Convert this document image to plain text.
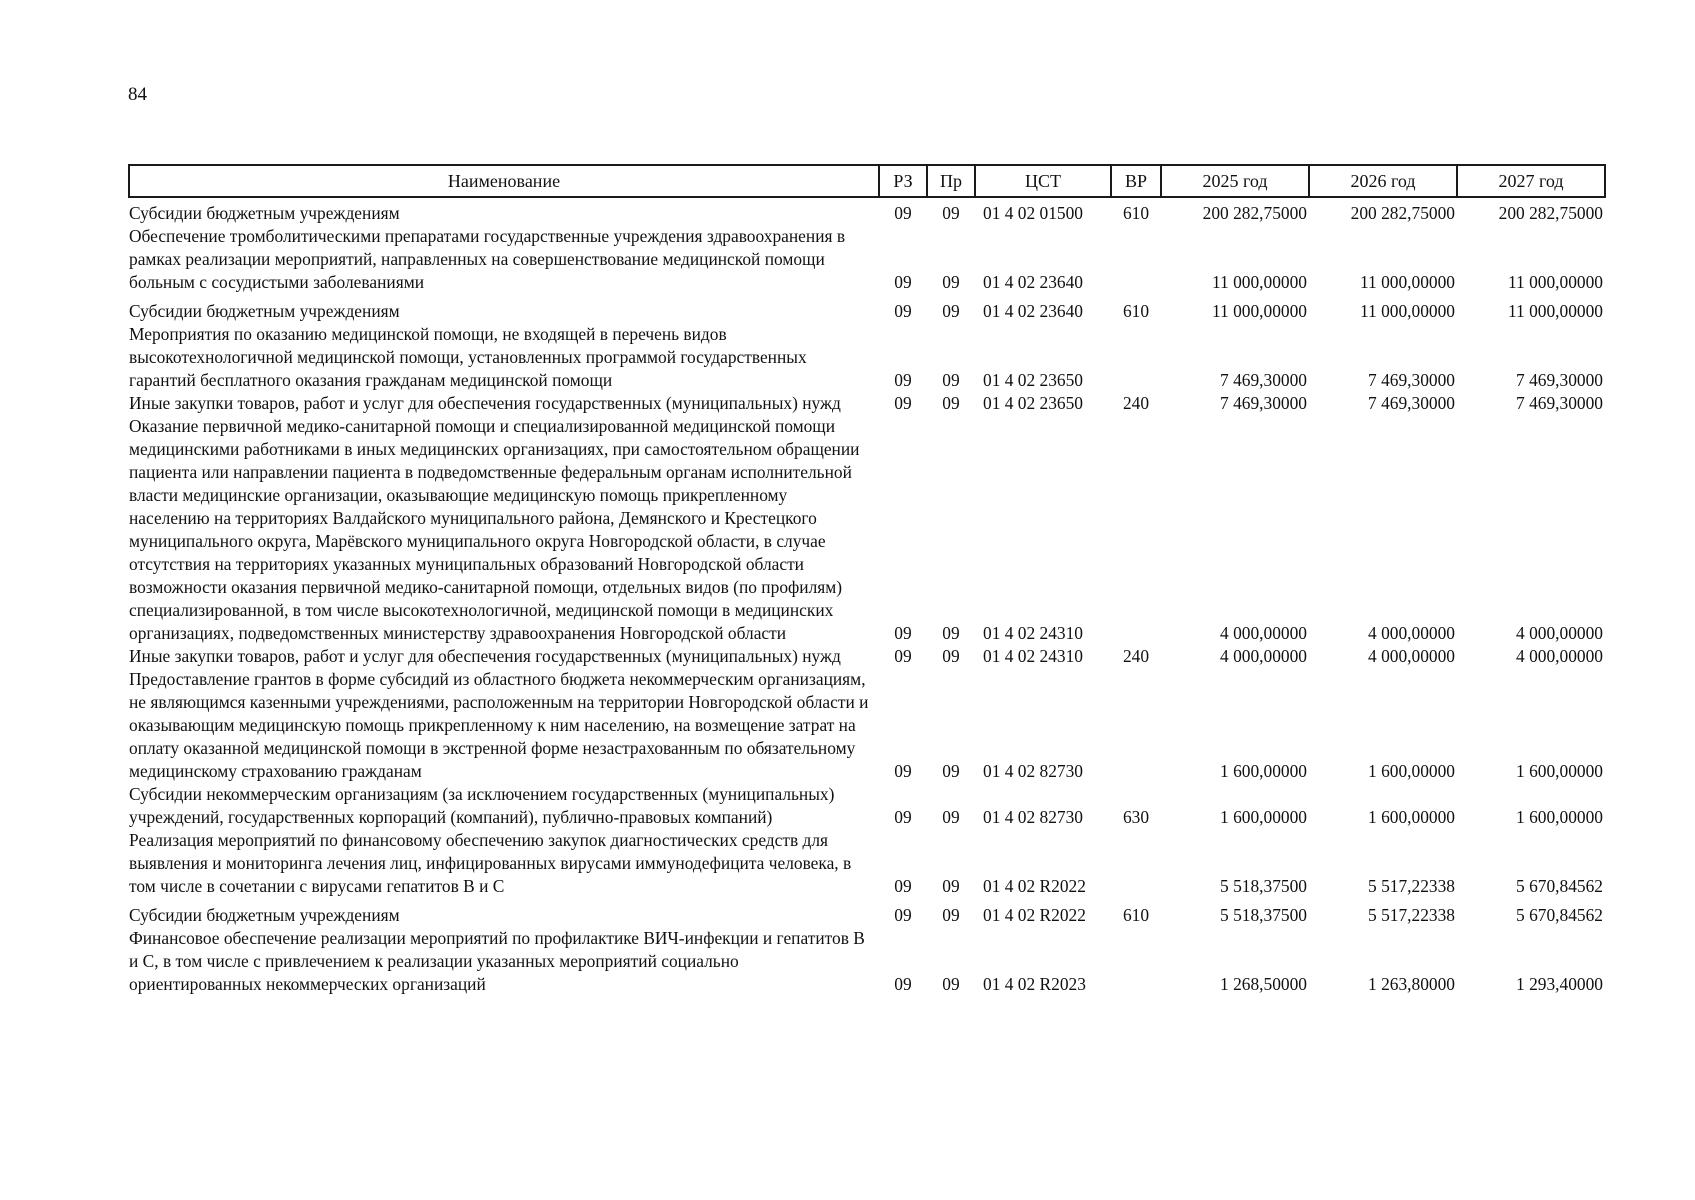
84
Наименование	РЗ	Пр	ЦСТ	ВР	2025 год	2026 год	2027 год
Субсидии бюджетным учреждениям	09	09	01 4 02 01500	610	200 282,75000	200 282,75000	200 282,75000
Обеспечение тромболитическими препаратами государственные учреждения здравоохранения в рамках реализации мероприятий, направленных на совершенствование медицинской помощи больным с сосудистыми заболеваниями	09	09	01 4 02 23640		11 000,00000	11 000,00000	11 000,00000
Субсидии бюджетным учреждениям	09	09	01 4 02 23640	610	11 000,00000	11 000,00000	11 000,00000
Мероприятия по оказанию медицинской помощи, не входящей в перечень видов высокотехнологичной медицинской помощи, установленных программой государственных гарантий бесплатного оказания гражданам медицинской помощи	09	09	01 4 02 23650		7 469,30000	7 469,30000	7 469,30000
Иные закупки товаров, работ и услуг для обеспечения государственных (муниципальных) нужд	09	09	01 4 02 23650	240	7 469,30000	7 469,30000	7 469,30000
Оказание первичной медико-санитарной помощи и специализированной медицинской помощи медицинскими работниками в иных медицинских организациях, при самостоятельном обращении пациента или направлении пациента в подведомственные федеральным органам исполнительной власти медицинские организации, оказывающие медицинскую помощь прикрепленному населению на территориях Валдайского муниципального района, Демянского и Крестецкого муниципального округа, Марёвского муниципального округа Новгородской области, в случае отсутствия на территориях указанных муниципальных образований Новгородской области возможности оказания первичной медико-санитарной помощи, отдельных видов (по профилям) специализированной, в том числе высокотехнологичной, медицинской помощи в медицинских организациях, подведомственных министерству здравоохранения Новгородской области	09	09	01 4 02 24310		4 000,00000	4 000,00000	4 000,00000
Иные закупки товаров, работ и услуг для обеспечения государственных (муниципальных) нужд	09	09	01 4 02 24310	240	4 000,00000	4 000,00000	4 000,00000
Предоставление грантов в форме субсидий из областного бюджета некоммерческим организациям, не являющимся казенными учреждениями, расположенным на территории Новгородской области и оказывающим медицинскую помощь прикрепленному к ним населению, на возмещение затрат на оплату оказанной медицинской помощи в экстренной форме незастрахованным по обязательному медицинскому страхованию гражданам	09	09	01 4 02 82730		1 600,00000	1 600,00000	1 600,00000
Субсидии некоммерческим организациям (за исключением государственных (муниципальных) учреждений, государственных корпораций (компаний), публично-правовых компаний)	09	09	01 4 02 82730	630	1 600,00000	1 600,00000	1 600,00000
Реализация мероприятий по финансовому обеспечению закупок диагностических средств для выявления и мониторинга лечения лиц, инфицированных вирусами иммунодефицита человека, в том числе в сочетании с вирусами гепатитов В и С	09	09	01 4 02 R2022		5 518,37500	5 517,22338	5 670,84562
Субсидии бюджетным учреждениям	09	09	01 4 02 R2022	610	5 518,37500	5 517,22338	5 670,84562
Финансовое обеспечение реализации мероприятий по профилактике ВИЧ-инфекции и гепатитов В и С, в том числе с привлечением к реализации указанных мероприятий социально ориентированных некоммерческих организаций	09	09	01 4 02 R2023		1 268,50000	1 263,80000	1 293,40000
